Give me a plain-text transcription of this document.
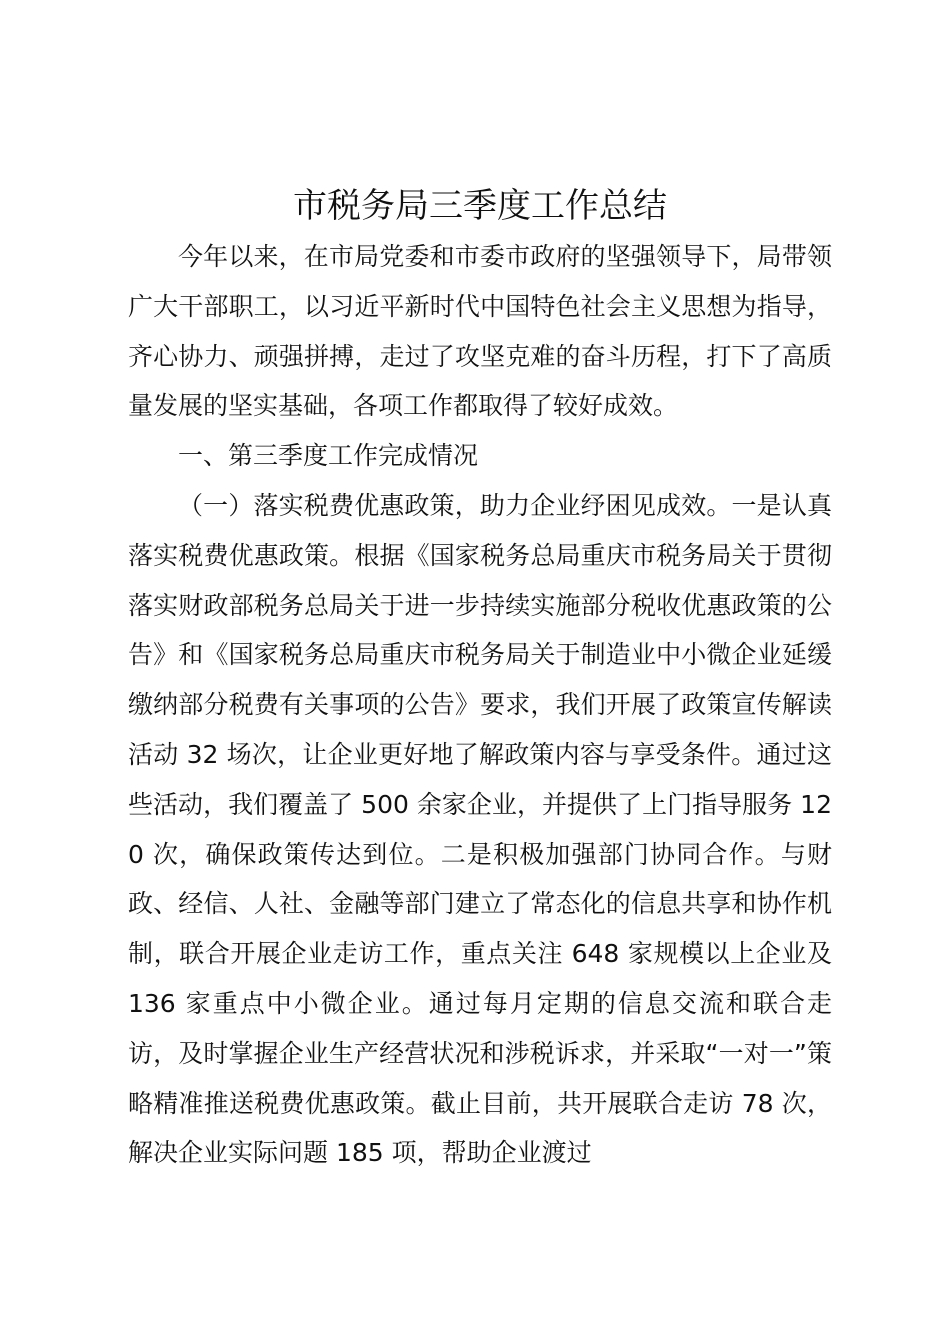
市税务局三季度工作总结

今年以来，在市局党委和市委市政府的坚强领导下，局带领广大干部职工，以习近平新时代中国特色社会主义思想为指导，齐心协力、顽强拼搏，走过了攻坚克难的奋斗历程，打下了高质量发展的坚实基础，各项工作都取得了较好成效。

一、第三季度工作完成情况

（一）落实税费优惠政策，助力企业纾困见成效。一是认真落实税费优惠政策。根据《国家税务总局重庆市税务局关于贯彻落实财政部税务总局关于进一步持续实施部分税收优惠政策的公告》和《国家税务总局重庆市税务局关于制造业中小微企业延缓缴纳部分税费有关事项的公告》要求，我们开展了政策宣传解读活动 32 场次，让企业更好地了解政策内容与享受条件。通过这些活动，我们覆盖了 500 余家企业，并提供了上门指导服务 120 次，确保政策传达到位。二是积极加强部门协同合作。与财政、经信、人社、金融等部门建立了常态化的信息共享和协作机制，联合开展企业走访工作，重点关注 648 家规模以上企业及 136 家重点中小微企业。通过每月定期的信息交流和联合走访，及时掌握企业生产经营状况和涉税诉求，并采取“一对一”策略精准推送税费优惠政策。截止目前，共开展联合走访 78 次，解决企业实际问题 185 项，帮助企业渡过
